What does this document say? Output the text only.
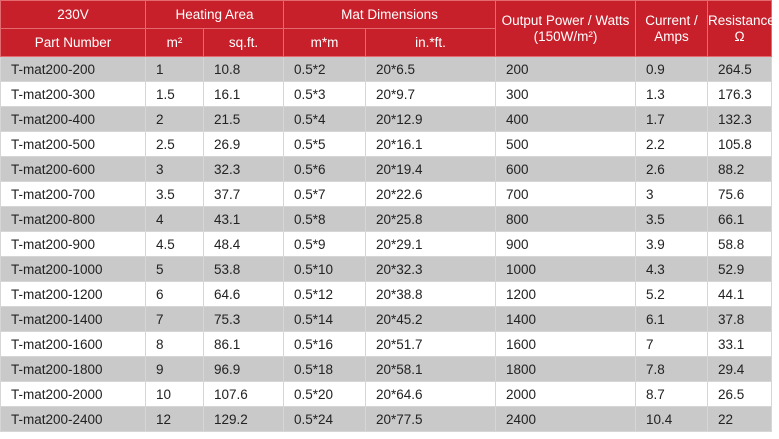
230V	Heating Area		Mat Dimensions		Output Power / Watts (150W/m²)	Current / Amps	Resistance/ Ω
Part Number	m²	sq.ft.	m*m	in.*ft.			
T-mat200-200	1	10.8	0.5*2	20*6.5	200	0.9	264.5
T-mat200-300	1.5	16.1	0.5*3	20*9.7	300	1.3	176.3
T-mat200-400	2	21.5	0.5*4	20*12.9	400	1.7	132.3
T-mat200-500	2.5	26.9	0.5*5	20*16.1	500	2.2	105.8
T-mat200-600	3	32.3	0.5*6	20*19.4	600	2.6	88.2
T-mat200-700	3.5	37.7	0.5*7	20*22.6	700	3	75.6
T-mat200-800	4	43.1	0.5*8	20*25.8	800	3.5	66.1
T-mat200-900	4.5	48.4	0.5*9	20*29.1	900	3.9	58.8
T-mat200-1000	5	53.8	0.5*10	20*32.3	1000	4.3	52.9
T-mat200-1200	6	64.6	0.5*12	20*38.8	1200	5.2	44.1
T-mat200-1400	7	75.3	0.5*14	20*45.2	1400	6.1	37.8
T-mat200-1600	8	86.1	0.5*16	20*51.7	1600	7	33.1
T-mat200-1800	9	96.9	0.5*18	20*58.1	1800	7.8	29.4
T-mat200-2000	10	107.6	0.5*20	20*64.6	2000	8.7	26.5
T-mat200-2400	12	129.2	0.5*24	20*77.5	2400	10.4	22
